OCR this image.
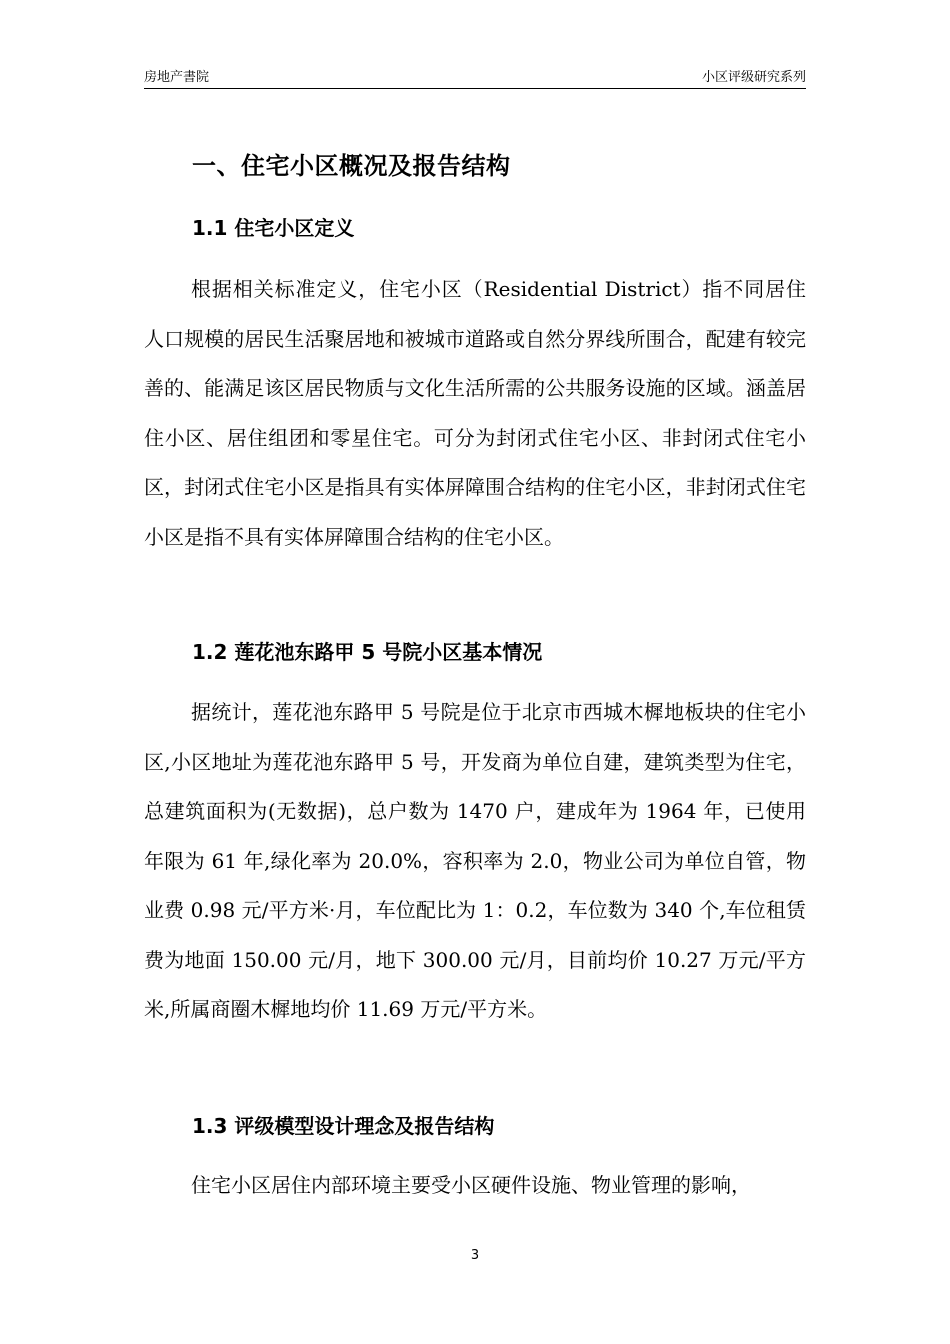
房地产書院	小区评级研究系列
一、住宅小区概况及报告结构
1.1 住宅小区定义
根据相关标准定义，住宅小区（Residential District）指不同居住人口规模的居民生活聚居地和被城市道路或自然分界线所围合，配建有较完善的、能满足该区居民物质与文化生活所需的公共服务设施的区域。涵盖居住小区、居住组团和零星住宅。可分为封闭式住宅小区、非封闭式住宅小区，封闭式住宅小区是指具有实体屏障围合结构的住宅小区，非封闭式住宅小区是指不具有实体屏障围合结构的住宅小区。
1.2 莲花池东路甲 5 号院小区基本情况
据统计，莲花池东路甲 5 号院是位于北京市西城木樨地板块的住宅小区,小区地址为莲花池东路甲 5 号，开发商为单位自建，建筑类型为住宅，总建筑面积为(无数据)，总户数为 1470 户，建成年为 1964 年，已使用年限为 61 年,绿化率为 20.0%，容积率为 2.0，物业公司为单位自管，物业费 0.98 元/平方米·月，车位配比为 1：0.2，车位数为 340 个,车位租赁费为地面 150.00 元/月，地下 300.00 元/月，目前均价 10.27 万元/平方米,所属商圈木樨地均价 11.69 万元/平方米。
1.3 评级模型设计理念及报告结构
住宅小区居住内部环境主要受小区硬件设施、物业管理的影响，
3
